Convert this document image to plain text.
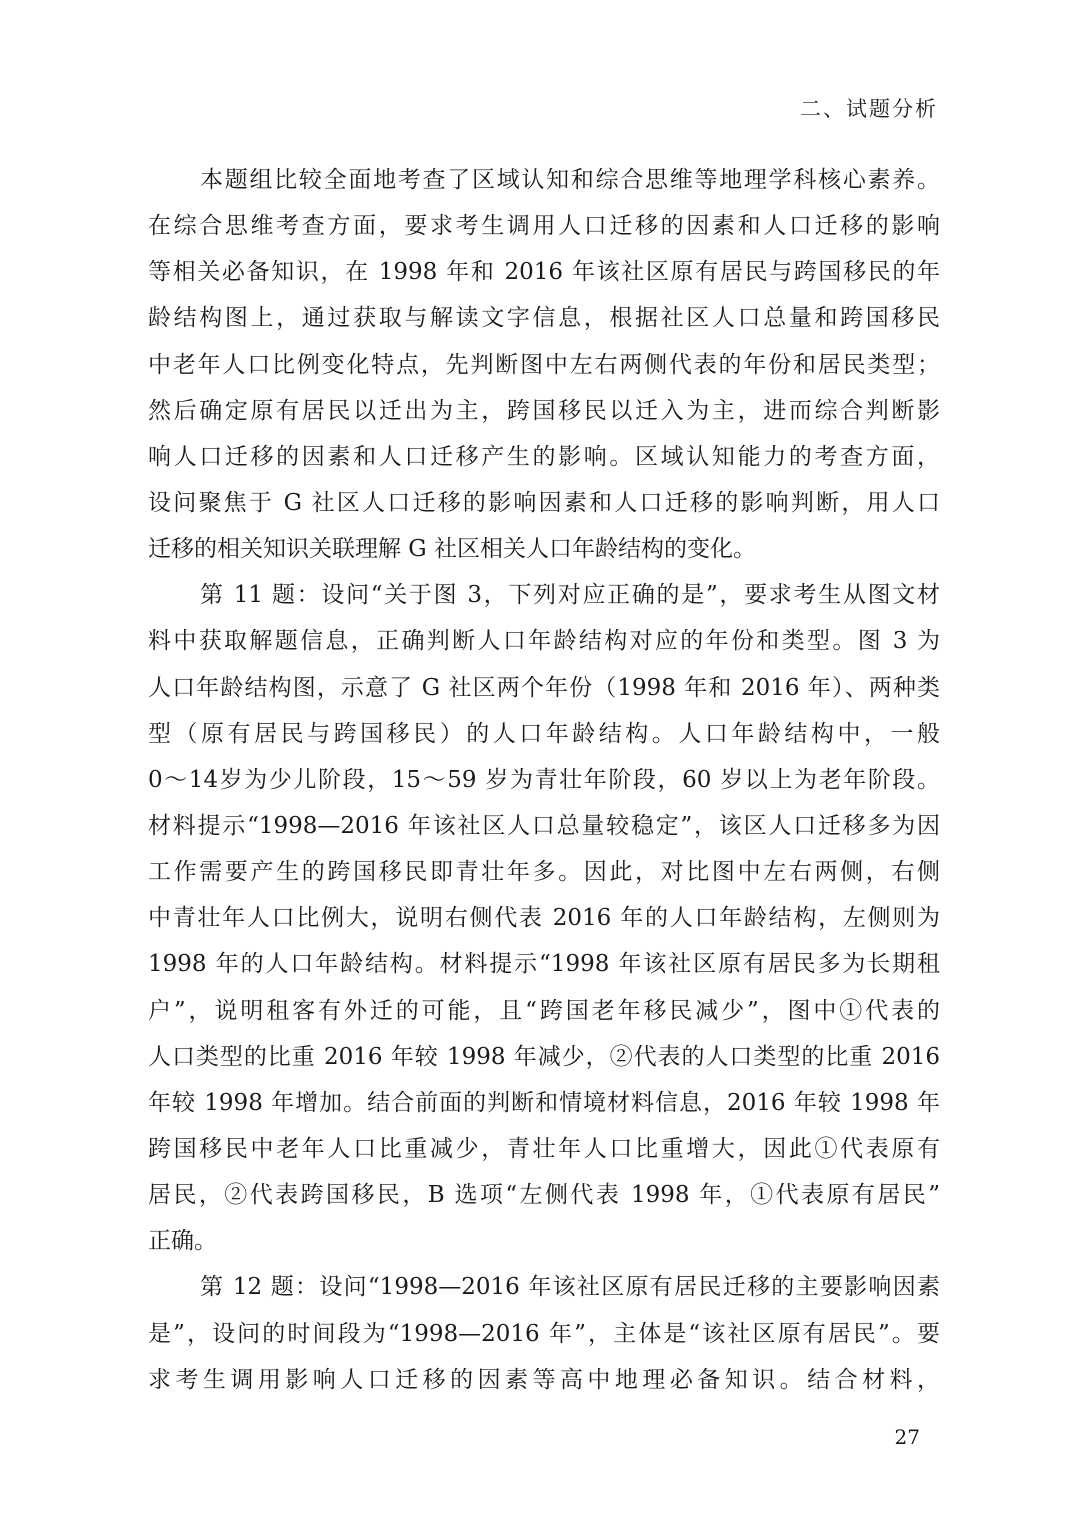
二、试题分析
本题组比较全面地考查了区域认知和综合思维等地理学科核心素养。
在综合思维考查方面，要求考生调用人口迁移的因素和人口迁移的影响
等相关必备知识，在 1998 年和 2016 年该社区原有居民与跨国移民的年
龄结构图上，通过获取与解读文字信息，根据社区人口总量和跨国移民
中老年人口比例变化特点，先判断图中左右两侧代表的年份和居民类型；
然后确定原有居民以迁出为主，跨国移民以迁入为主，进而综合判断影
响人口迁移的因素和人口迁移产生的影响。区域认知能力的考查方面，
设问聚焦于 G 社区人口迁移的影响因素和人口迁移的影响判断，用人口
迁移的相关知识关联理解 G 社区相关人口年龄结构的变化。
第 11 题：设问“关于图 3，下列对应正确的是”，要求考生从图文材
料中获取解题信息，正确判断人口年龄结构对应的年份和类型。图 3 为
人口年龄结构图，示意了 G 社区两个年份（1998 年和 2016 年）、两种类
型（原有居民与跨国移民）的人口年龄结构。人口年龄结构中，一般
0～14岁为少儿阶段，15～59 岁为青壮年阶段，60 岁以上为老年阶段。
材料提示“1998—2016 年该社区人口总量较稳定”，该区人口迁移多为因
工作需要产生的跨国移民即青壮年多。因此，对比图中左右两侧，右侧
中青壮年人口比例大，说明右侧代表 2016 年的人口年龄结构，左侧则为
1998 年的人口年龄结构。材料提示“1998 年该社区原有居民多为长期租
户”，说明租客有外迁的可能，且“跨国老年移民减少”，图中①代表的
人口类型的比重 2016 年较 1998 年减少，②代表的人口类型的比重 2016
年较 1998 年增加。结合前面的判断和情境材料信息，2016 年较 1998 年
跨国移民中老年人口比重减少，青壮年人口比重增大，因此①代表原有
居民，②代表跨国移民，B 选项“左侧代表 1998 年，①代表原有居民”
正确。
第 12 题：设问“1998—2016 年该社区原有居民迁移的主要影响因素
是”，设问的时间段为“1998—2016 年”，主体是“该社区原有居民”。要
求考生调用影响人口迁移的因素等高中地理必备知识。结合材料，
27
